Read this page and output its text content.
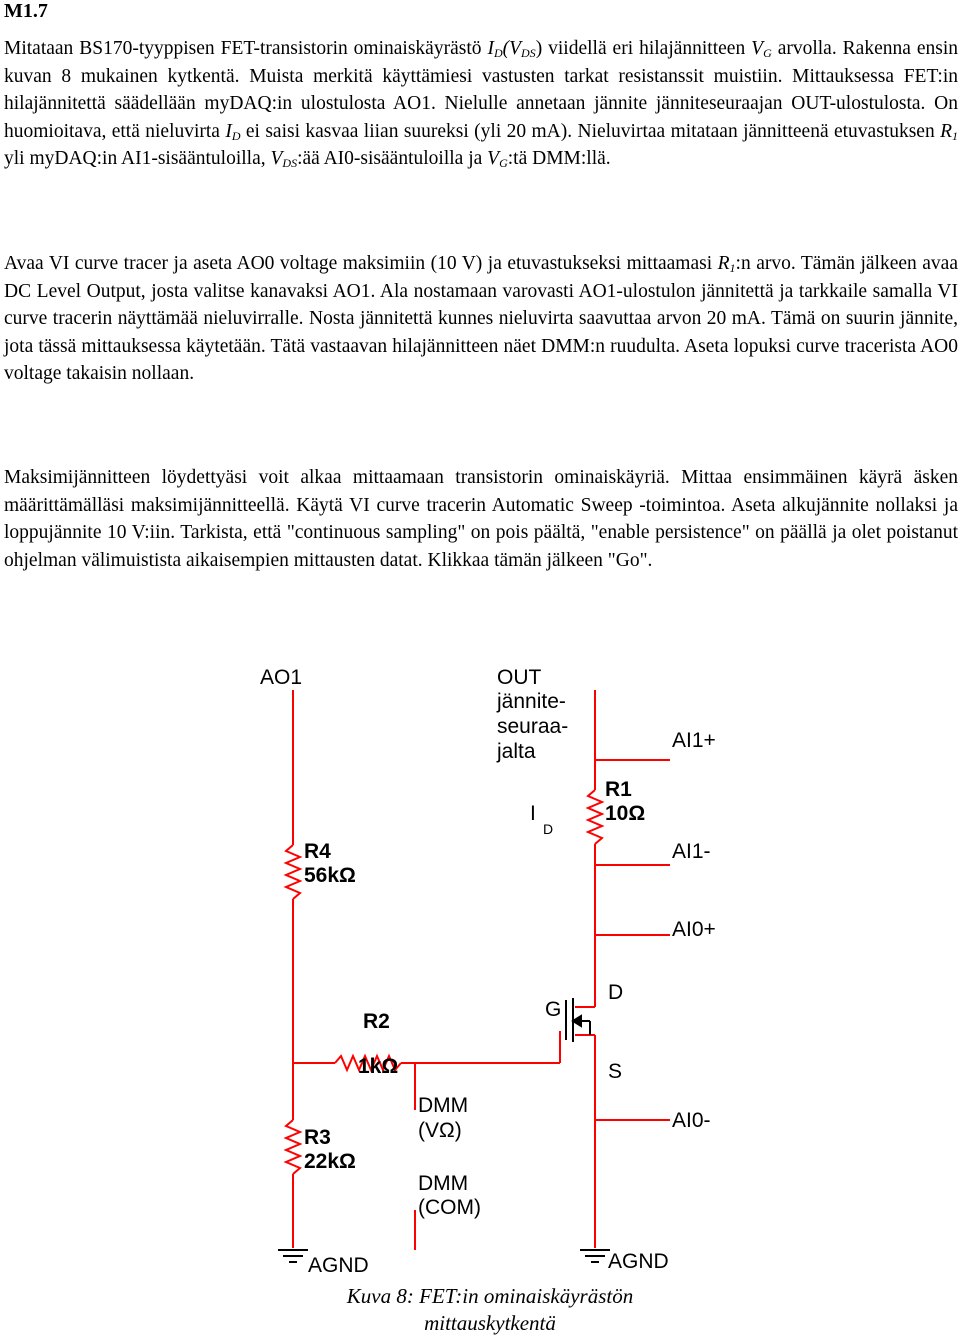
M1.7

Mitataan BS170-tyyppisen FET-transistorin ominaiskäyrästö $I_D(V_{DS})$ viidellä eri hilajännitteen $V_G$ arvolla. Rakenna ensin kuvan 8 mukainen kytkentä. Muista merkitä käyttämiesi vastusten tarkat resistanssit muistiin. Mittauksessa FET:in hilajännitettä säädellään myDAQ:in ulostulosta AO1. Nielulle annetaan jännite jänniteseuraajan OUT-ulostulosta. On huomioitava, että nieluvirta $I_D$ ei saisi kasvaa liian suureksi (yli 20 mA). Nieluvirtaa mitataan jännitteenä etuvastuksen $R_1$ yli myDAQ:in AI1-sisääntuloilla, $V_{DS}:ää$ AI0-sisääntuloilla ja $V_G:tä$ DMM:llä.

Avaa VI curve tracer ja aseta AO0 voltage maksimiin (10 V) ja etuvastukseksi mittaamasi $R_1:n$ arvo. Tämän jälkeen avaa DC Level Output, josta valitse kanavaksi AO1. Ala nostamaan varovasti AO1-ulostulon jännitettä ja tarkkaile samalla VI curve tracerin näyttämää nieluvirralle. Nosta jännitettä kunnes nieluvirta saavuttaa arvon 20 mA. Tämä on suurin jännite, jota tässä mittauksessa käytetään. Tätä vastaavan hilajännitteen näet DMM:n ruudulta. Aseta lopuksi curve tracerista AO0 voltage takaisin nollaan.

Maksimijännitteen löydettyäsi voit alkaa mittaamaan transistorin ominaiskäyriä. Mittaa ensimmäinen käyrä äsken määrittämälläsi maksimijännitteellä. Käytä VI curve tracerin Automatic Sweep -toimintoa. Aseta alkujännite nollaksi ja loppujännite 10 V:iin. Tarkista, että "continuous sampling" on pois päältä, "enable persistence" on päällä ja olet poistanut ohjelman välimuistista aikaisempien mittausten datat. Klikkaa tämän jälkeen "Go".

AO1	OUT
jännite-
seuraa-
jalta	AI1+
R1
10Ω
I
D
R4
56kΩ
AI1-
AI0+
G
D
S
R2
1kΩ
DMM
(VΩ)
R3
22kΩ
AI0-
DMM
(COM)
AGND	AGND
Kuva 8: FET:in ominaiskäyrästön
mittauskytkentä
